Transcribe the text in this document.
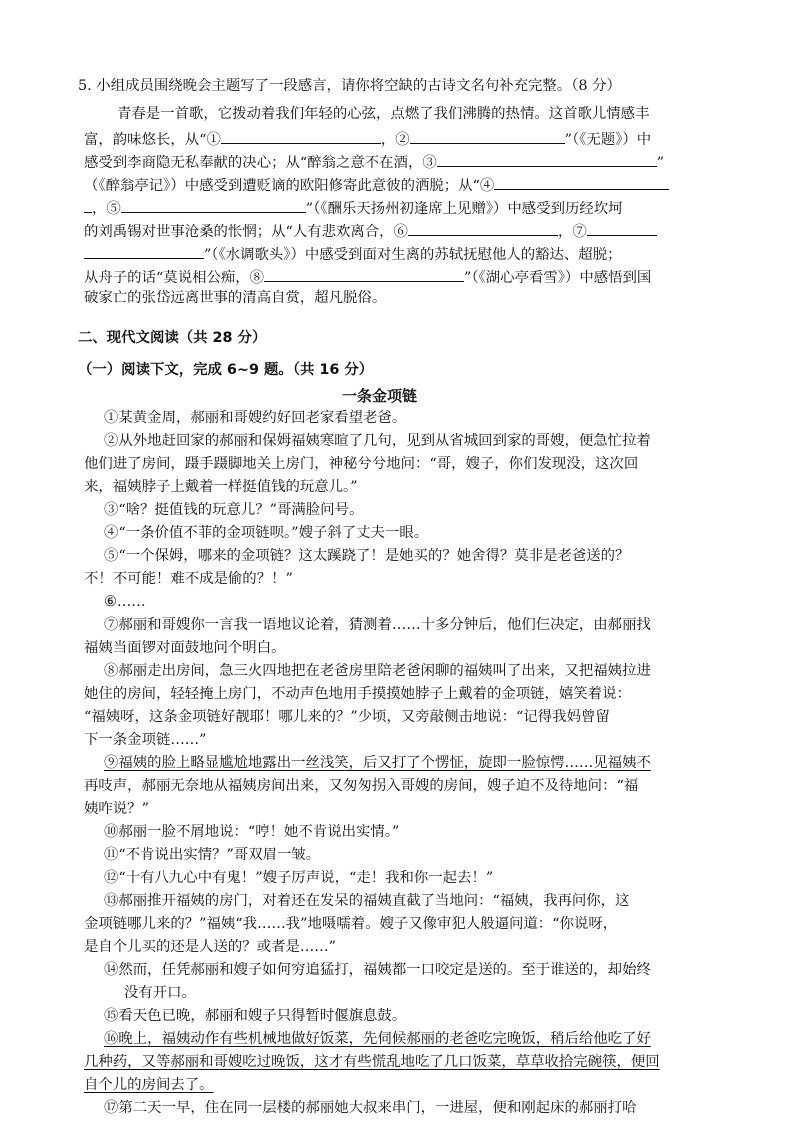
5. 小组成员围绕晚会主题写了一段感言，请你将空缺的古诗文名句补充完整。（8 分）
青春是一首歌，它拨动着我们年轻的心弦，点燃了我们沸腾的热情。这首歌儿情感丰
富，韵味悠长，从“①	，②	”（《无题》）中
感受到李商隐无私奉献的决心；从“醉翁之意不在酒，③	”
（《醉翁亭记》）中感受到遭贬谪的欧阳修寄此意彼的洒脱；从“④
，⑤	”（《酬乐天扬州初逢席上见赠》）中感受到历经坎坷
的刘禹锡对世事沧桑的怅惘；从“人有悲欢离合，⑥	，⑦
”（《水调歌头》）中感受到面对生离的苏轼抚慰他人的豁达、超脱；
从舟子的话“莫说相公痴，⑧	”（《湖心亭看雪》）中感悟到国
破家亡的张岱远离世事的清高自赏，超凡脱俗。
二、现代文阅读（共 28 分）
（一）阅读下文，完成 6~9 题。（共 16 分）
一条金项链
①某黄金周，郝丽和哥嫂约好回老家看望老爸。
②从外地赶回家的郝丽和保姆福姨寒暄了几句，见到从省城回到家的哥嫂，便急忙拉着
他们进了房间，蹑手蹑脚地关上房门，神秘兮兮地问：“哥，嫂子，你们发现没，这次回
来，福姨脖子上戴着一样挺值钱的玩意儿。”
③“啥？挺值钱的玩意儿？”哥满脸问号。
④“一条价值不菲的金项链呗。”嫂子斜了丈夫一眼。
⑤“一个保姆，哪来的金项链？这太蹊跷了！是她买的？她舍得？莫非是老爸送的？
不！不可能！难不成是偷的？！”
⑥……
⑦郝丽和哥嫂你一言我一语地议论着，猜测着……十多分钟后，他们仨决定，由郝丽找
福姨当面锣对面鼓地问个明白。
⑧郝丽走出房间，急三火四地把在老爸房里陪老爸闲聊的福姨叫了出来，又把福姨拉进
她住的房间，轻轻掩上房门，不动声色地用手摸摸她脖子上戴着的金项链，嬉笑着说：
“福姨呀，这条金项链好靓耶！哪儿来的？”少顷，又旁敲侧击地说：“记得我妈曾留
下一条金项链……”
⑨福姨的脸上略显尴尬地露出一丝浅笑，后又打了个愣怔，旋即一脸惊愕……见福姨不
再吱声，郝丽无奈地从福姨房间出来，又匆匆拐入哥嫂的房间，嫂子迫不及待地问：“福
姨咋说？”
⑩郝丽一脸不屑地说：“哼！她不肯说出实情。”
⑪“不肯说出实情？”哥双眉一皱。
⑫“十有八九心中有鬼！”嫂子厉声说，“走！我和你一起去！”
⑬郝丽推开福姨的房门，对着还在发呆的福姨直截了当地问：“福姨，我再问你，这
金项链哪儿来的？”福姨“我……我”地嗫嚅着。嫂子又像审犯人般逼问道：“你说呀，
是自个儿买的还是人送的？或者是……”
⑭然而，任凭郝丽和嫂子如何穷追猛打，福姨都一口咬定是送的。至于谁送的，却始终
没有开口。
⑮看天色已晚，郝丽和嫂子只得暂时偃旗息鼓。
⑯晚上，福姨动作有些机械地做好饭菜，先伺候郝丽的老爸吃完晚饭，稍后给他吃了好
几种药，又等郝丽和哥嫂吃过晚饭，这才有些慌乱地吃了几口饭菜，草草收拾完碗筷，便回
自个儿的房间去了。
⑰第二天一早，住在同一层楼的郝丽她大叔来串门，一进屋，便和刚起床的郝丽打哈
